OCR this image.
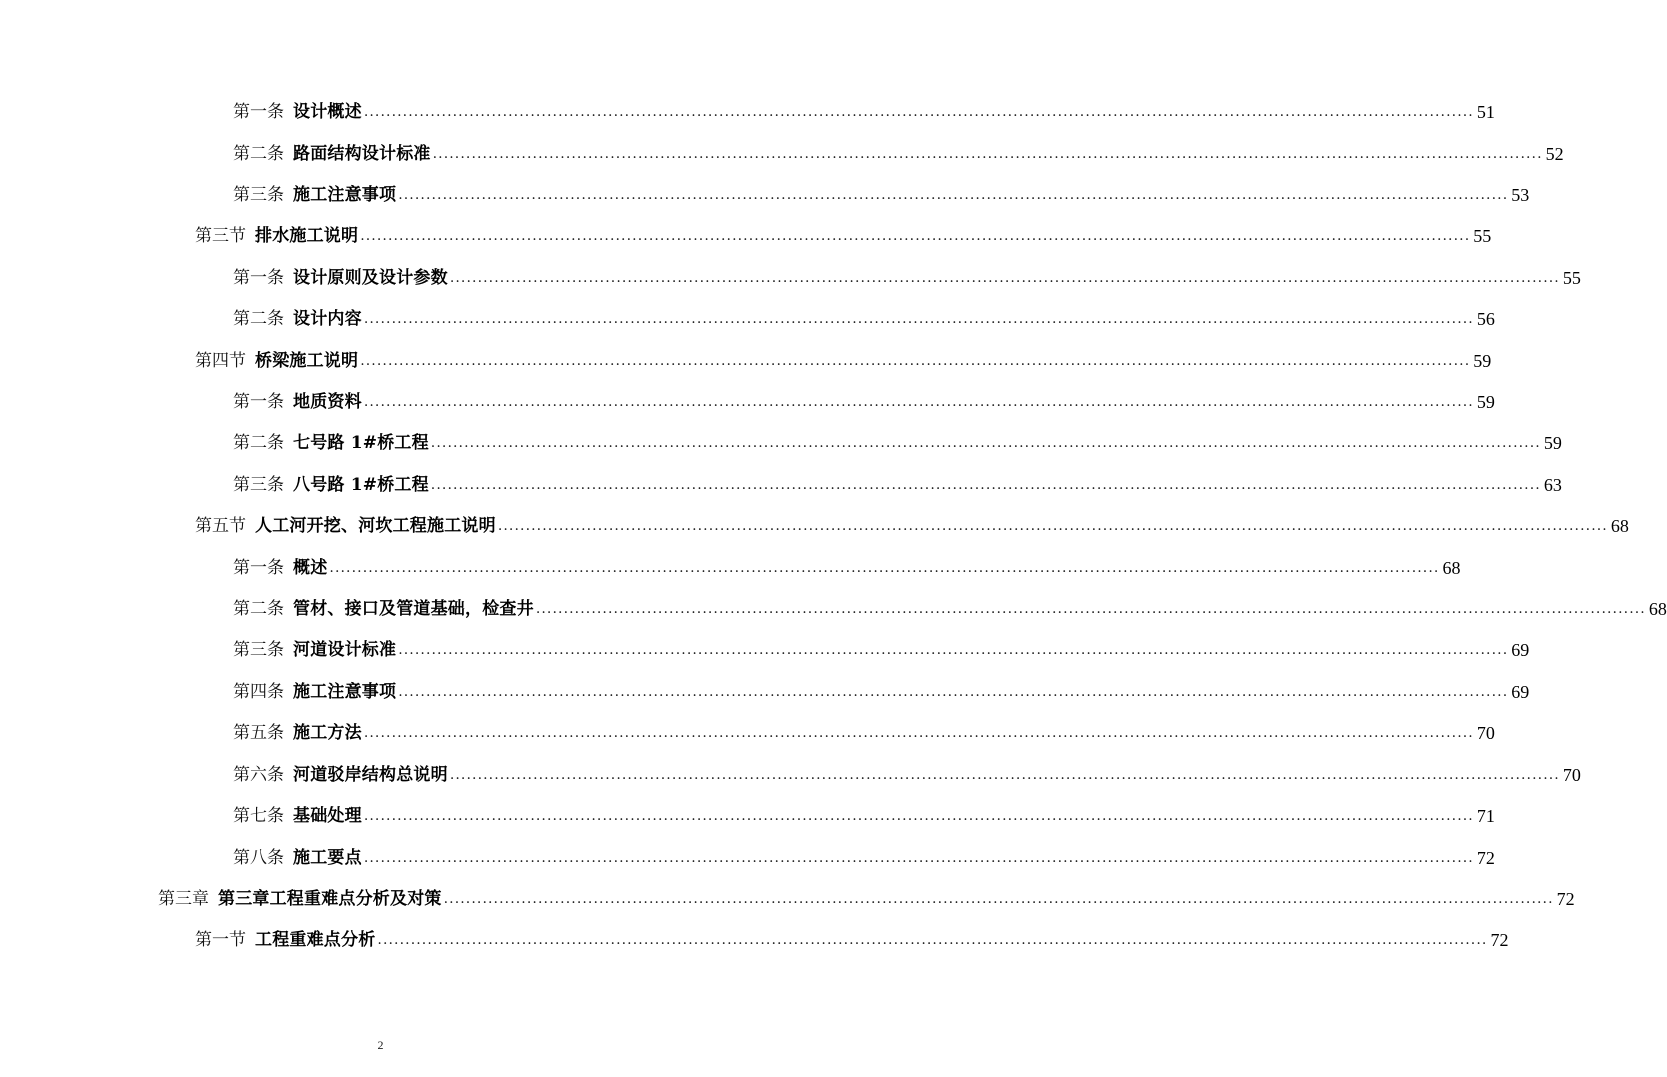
第一条 设计概述 ........................................................................................................................................................................................................ 51
第二条 路面结构设计标准 ........................................................................................................................................................................................................ 52
第三条 施工注意事项 ........................................................................................................................................................................................................ 53
第三节 排水施工说明 ........................................................................................................................................................................................................ 55
第一条 设计原则及设计参数 ........................................................................................................................................................................................................ 55
第二条 设计内容 ........................................................................................................................................................................................................ 56
第四节 桥梁施工说明 ........................................................................................................................................................................................................ 59
第一条 地质资料 ........................................................................................................................................................................................................ 59
第二条 七号路 1#桥工程 ........................................................................................................................................................................................................ 59
第三条 八号路 1#桥工程 ........................................................................................................................................................................................................ 63
第五节 人工河开挖、河坎工程施工说明 ........................................................................................................................................................................................................ 68
第一条 概述 ........................................................................................................................................................................................................ 68
第二条 管材、接口及管道基础，检查井 ........................................................................................................................................................................................................ 68
第三条 河道设计标准 ........................................................................................................................................................................................................ 69
第四条 施工注意事项 ........................................................................................................................................................................................................ 69
第五条 施工方法 ........................................................................................................................................................................................................ 70
第六条 河道驳岸结构总说明 ........................................................................................................................................................................................................ 70
第七条 基础处理 ........................................................................................................................................................................................................ 71
第八条 施工要点 ........................................................................................................................................................................................................ 72
第三章 第三章工程重难点分析及对策 ........................................................................................................................................................................................................ 72
第一节 工程重难点分析 ........................................................................................................................................................................................................ 72
2
